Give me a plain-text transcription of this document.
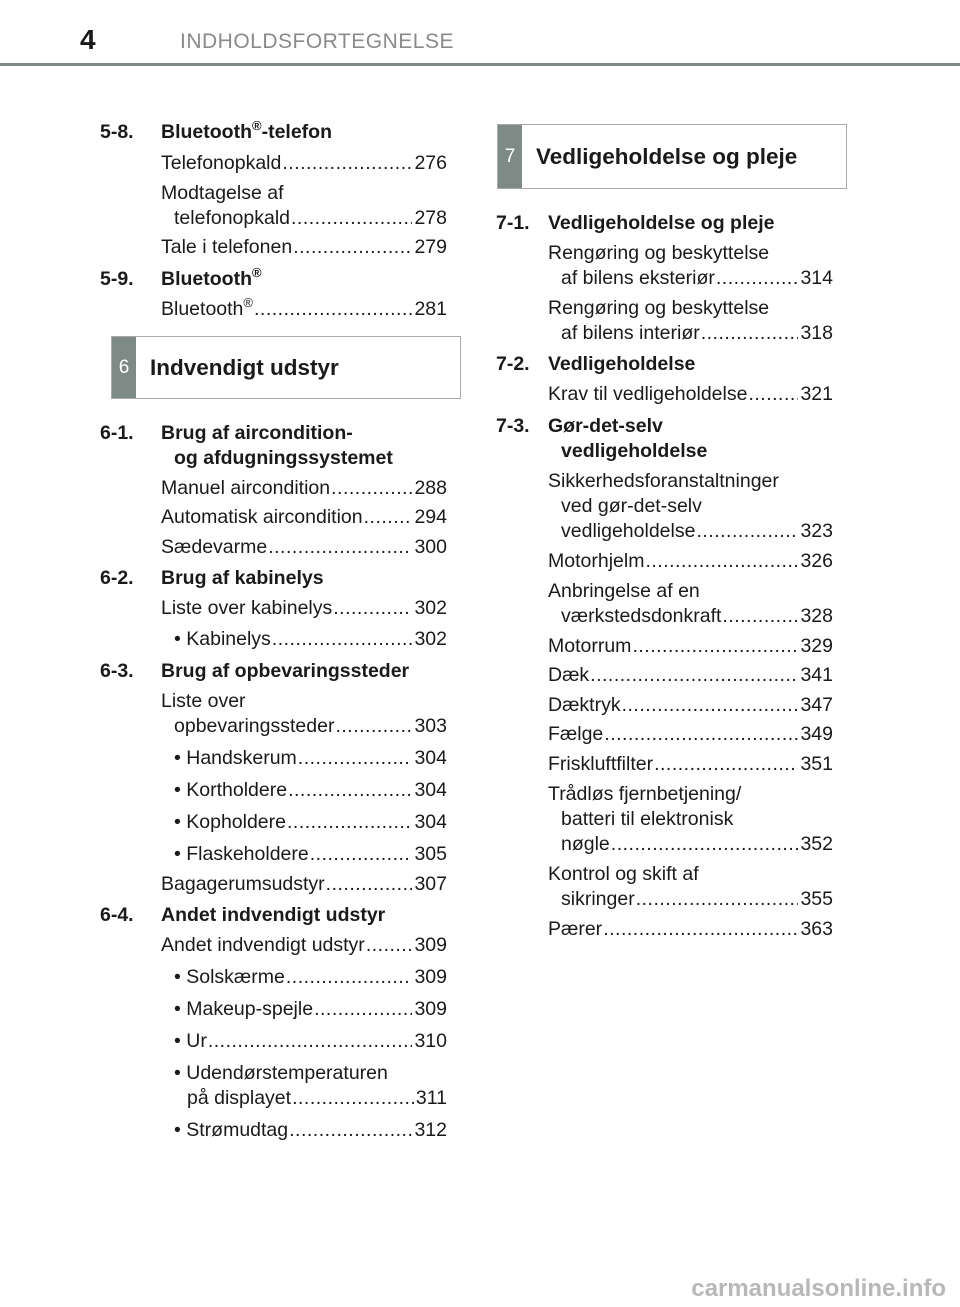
4	INDHOLDSFORTEGNELSE
5-8. Bluetooth®-telefon
Telefonopkald .....	276
Modtagelse af
telefonopkald .....	278
Tale i telefonen .....	279
5-9. Bluetooth®
Bluetooth® .....	281
6 Indvendigt udstyr
6-1. Brug af aircondition-
og afdugningssystemet
Manuel aircondition .....	288
Automatisk aircondition .....	294
Sædevarme .....	300
6-2. Brug af kabinelys
Liste over kabinelys .....	302
• Kabinelys .....	302
6-3. Brug af opbevaringssteder
Liste over
opbevaringssteder .....	303
• Handskerum .....	304
• Kortholdere .....	304
• Kopholdere .....	304
• Flaskeholdere .....	305
Bagagerumsudstyr .....	307
6-4. Andet indvendigt udstyr
Andet indvendigt udstyr .....	309
• Solskærme .....	309
• Makeup-spejle .....	309
• Ur .....	310
• Udendørstemperaturen
på displayet .....	311
• Strømudtag .....	312
7 Vedligeholdelse og pleje
7-1. Vedligeholdelse og pleje
Rengøring og beskyttelse
af bilens eksteriør .....	314
Rengøring og beskyttelse
af bilens interiør .....	318
7-2. Vedligeholdelse
Krav til vedligeholdelse .....	321
7-3. Gør-det-selv
vedligeholdelse
Sikkerhedsforanstaltninger
ved gør-det-selv
vedligeholdelse .....	323
Motorhjelm .....	326
Anbringelse af en
værkstedsdonkraft .....	328
Motorrum .....	329
Dæk .....	341
Dæktryk .....	347
Fælge .....	349
Friskluftfilter .....	351
Trådløs fjernbetjening/
batteri til elektronisk
nøgle .....	352
Kontrol og skift af
sikringer .....	355
Pærer .....	363
carmanualsonline.info
